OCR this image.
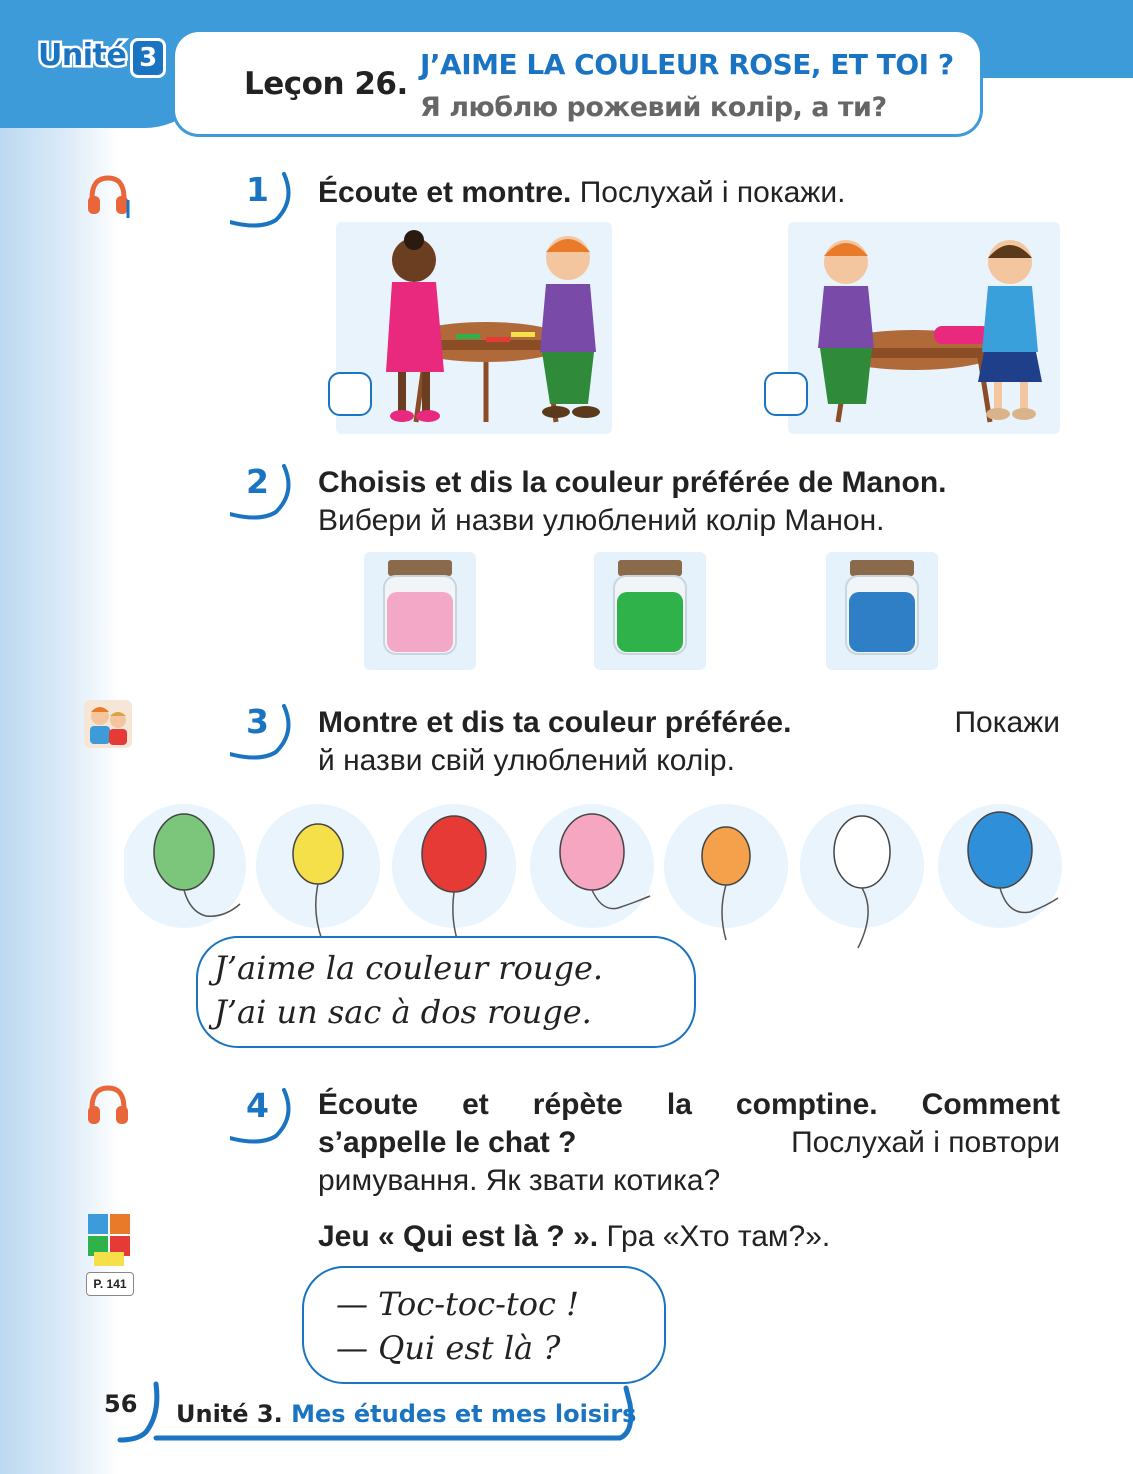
Unité 3
Leçon 26.
J’AIME LA COULEUR ROSE, ET TOI ?
Я люблю рожевий колір, а ти?
1 Écoute et montre. Послухай і покажи.
2 Choisis et dis la couleur préférée de Manon.
Вибери й назви улюблений колір Манон.
3 Montre et dis ta couleur préférée.	Покажи
й назви свій улюблений колір.
J’aime la couleur rouge.
J’ai un sac à dos rouge.
4 Écoute et répète la comptine. Comment
s’appelle le chat ?	Послухай і повтори
римування. Як звати котика?
P. 141
Jeu « Qui est là ? ». Гра «Хто там?».
— Toc-toc-toc !
— Qui est là ?
56 Unité 3. Mes études et mes loisirs
